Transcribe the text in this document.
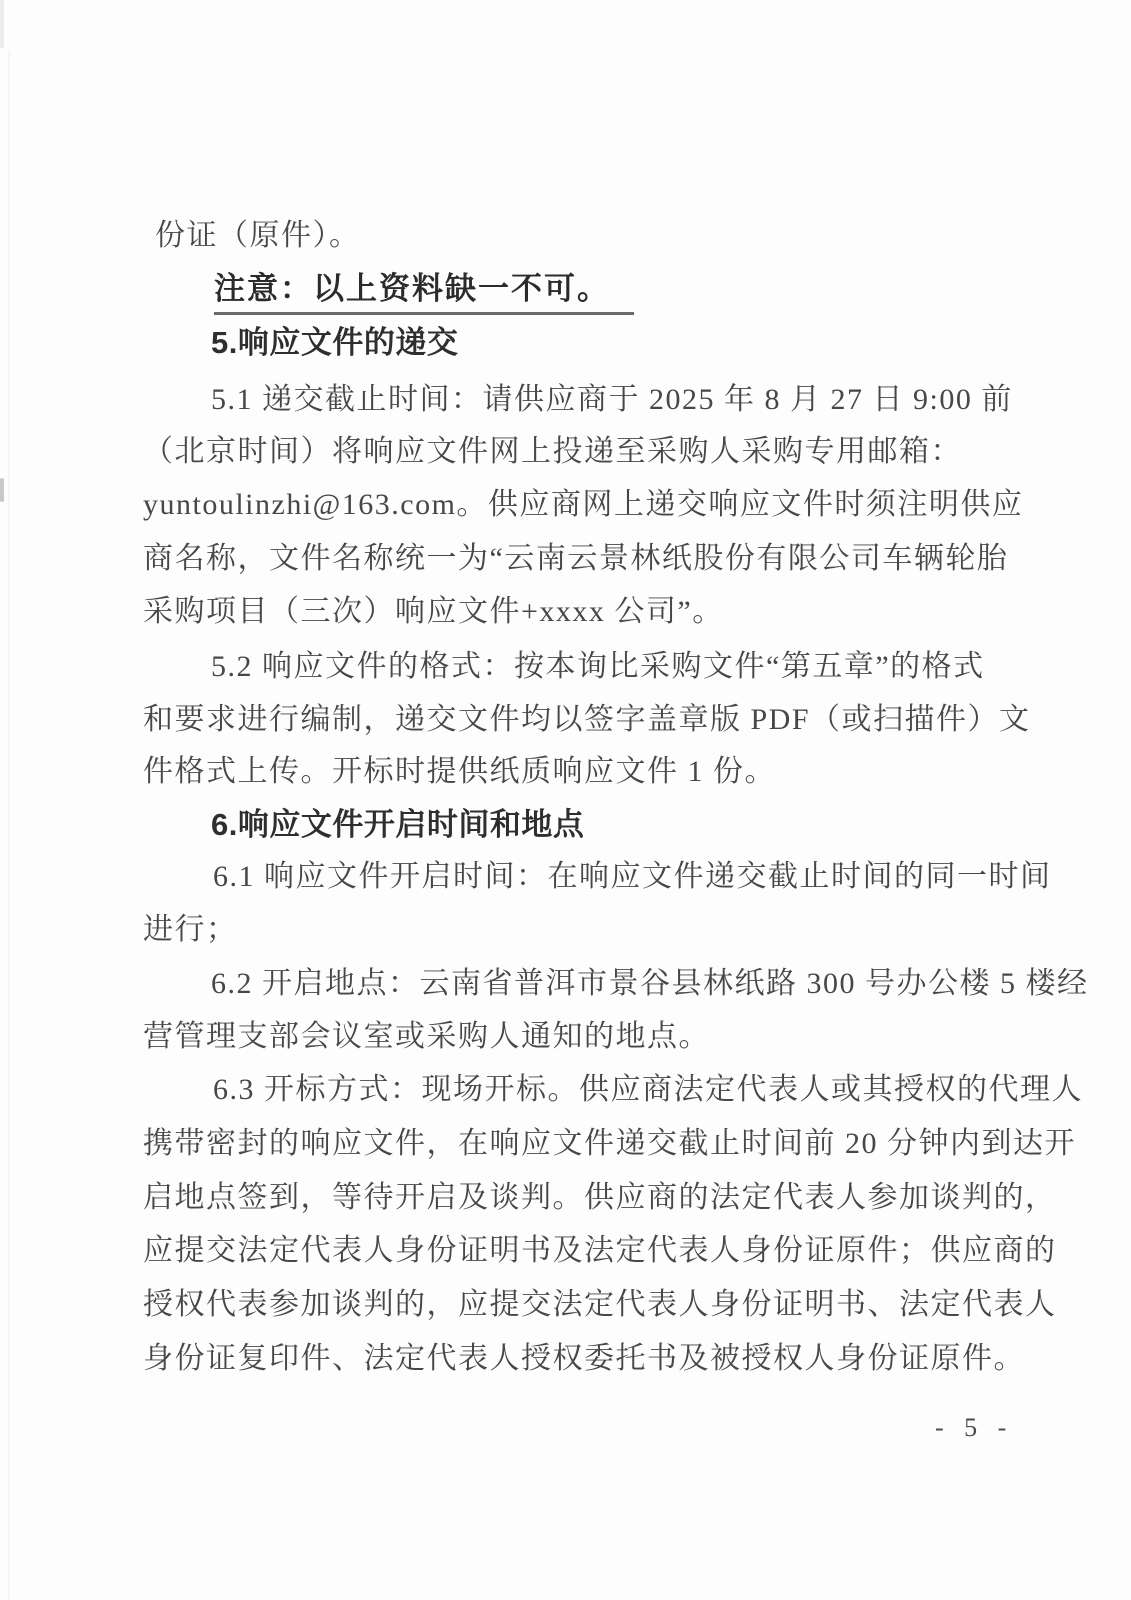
份证（原件）。
注意：以上资料缺一不可。
5.响应文件的递交
5.1 递交截止时间：请供应商于 2025 年 8 月 27 日 9:00 前
（北京时间）将响应文件网上投递至采购人采购专用邮箱：
yuntoulinzhi@163.com。供应商网上递交响应文件时须注明供应
商名称，文件名称统一为“云南云景林纸股份有限公司车辆轮胎
采购项目（三次）响应文件+xxxx 公司”。
5.2 响应文件的格式：按本询比采购文件“第五章”的格式
和要求进行编制，递交文件均以签字盖章版 PDF（或扫描件）文
件格式上传。开标时提供纸质响应文件 1 份。
6.响应文件开启时间和地点
6.1 响应文件开启时间：在响应文件递交截止时间的同一时间
进行；
6.2 开启地点：云南省普洱市景谷县林纸路 300 号办公楼 5 楼经
营管理支部会议室或采购人通知的地点。
6.3 开标方式：现场开标。供应商法定代表人或其授权的代理人
携带密封的响应文件，在响应文件递交截止时间前 20 分钟内到达开
启地点签到，等待开启及谈判。供应商的法定代表人参加谈判的，
应提交法定代表人身份证明书及法定代表人身份证原件；供应商的
授权代表参加谈判的，应提交法定代表人身份证明书、法定代表人
身份证复印件、法定代表人授权委托书及被授权人身份证原件。
- 5 -
